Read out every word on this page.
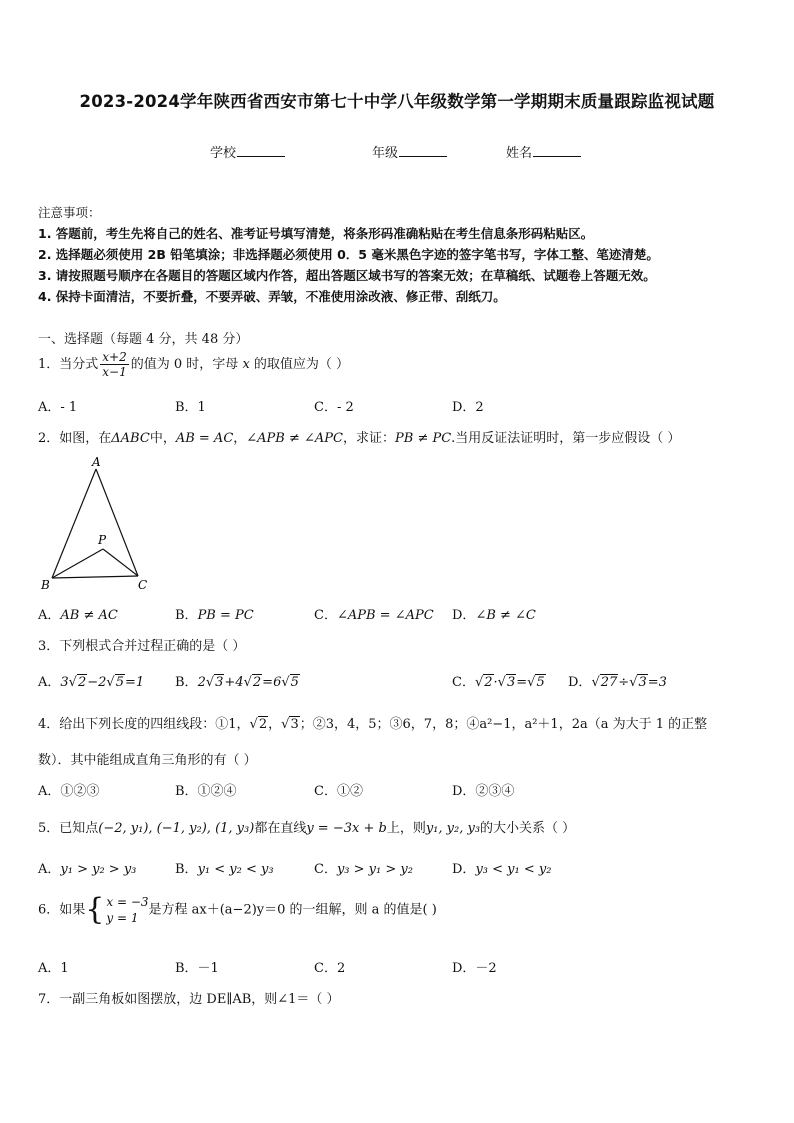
2023-2024学年陕西省西安市第七十中学八年级数学第一学期期末质量跟踪监视试题
学校	年级	姓名
注意事项：
1. 答题前，考生先将自己的姓名、准考证号填写清楚，将条形码准确粘贴在考生信息条形码粘贴区。
2. 选择题必须使用 2B 铅笔填涂；非选择题必须使用 0．5 毫米黑色字迹的签字笔书写，字体工整、笔迹清楚。
3. 请按照题号顺序在各题目的答题区域内作答，超出答题区域书写的答案无效；在草稿纸、试题卷上答题无效。
4. 保持卡面清洁，不要折叠，不要弄破、弄皱，不准使用涂改液、修正带、刮纸刀。
一、选择题（每题 4 分，共 48 分）
1．当分式 $\frac{x+2}{x-1}$ 的值为 0 时，字母 x 的取值应为（ ）
A．- 1	B．1	C．- 2	D．2
2．如图，在ΔABC中，AB = AC，∠APB ≠ ∠APC，求证：PB ≠ PC.当用反证法证明时，第一步应假设（ ）
A
B	C
P
A．AB ≠ AC	B．PB = PC	C．∠APB = ∠APC D．∠B ≠ ∠C
3．下列根式合并过程正确的是（ ）
A．3√2−2√5=1 B．2√3+4√2=6√5	C．√2·√3=√5 D．√27÷√3=3
4．给出下列长度的四组线段：①1，√2，√3；②3，4，5；③6，7，8；④a²−1，a²＋1，2a（a 为大于 1 的正整
数）．其中能组成直角三角形的有（ ）
A．①②③	B．①②④	C．①②	D．②③④
5．已知点(−2, y₁), (−1, y₂), (1, y₃)都在直线y = −3x + b上，则y₁, y₂, y₃的大小关系（ ）
A．y₁ > y₂ > y₃	B．y₁ < y₂ < y₃	C．y₃ > y₁ > y₂	D．y₃ < y₁ < y₂
6．如果{ x = −3
y = 1
是方程 ax＋(a−2)y＝0 的一组解，则 a 的值是( )
A．1	B．－1	C．2	D．－2
7．一副三角板如图摆放，边 DE∥AB，则∠1＝（ ）
